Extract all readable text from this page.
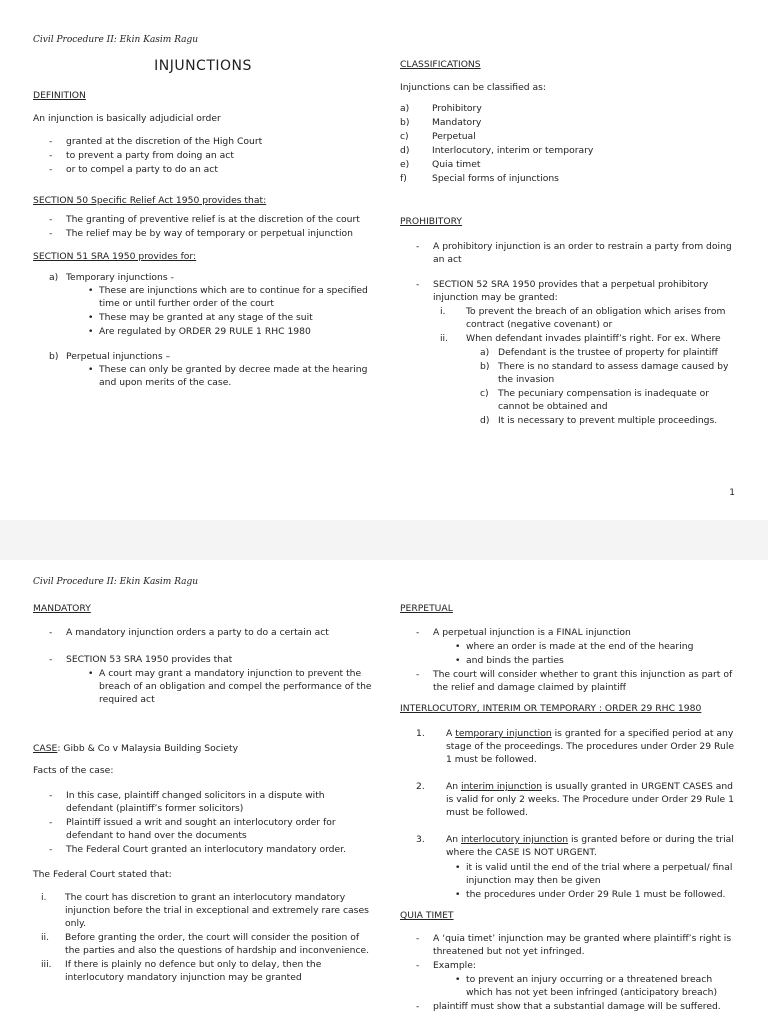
Civil Procedure II: Ekin Kasim Ragu
INJUNCTIONS
DEFINITION
An injunction is basically adjudicial order
- granted at the discretion of the High Court
- to prevent a party from doing an act
- or to compel a party to do an act
SECTION 50 Specific Relief Act 1950 provides that:
- The granting of preventive relief is at the discretion of the court
- The relief may be by way of temporary or perpetual injunction
SECTION 51 SRA 1950 provides for:
a) Temporary injunctions -
• These are injunctions which are to continue for a specified time or until further order of the court
• These may be granted at any stage of the suit
• Are regulated by ORDER 29 RULE 1 RHC 1980
b) Perpetual injunctions –
• These can only be granted by decree made at the hearing and upon merits of the case.
CLASSIFICATIONS
Injunctions can be classified as:
a) Prohibitory
b) Mandatory
c)	Perpetual
d) Interlocutory, interim or temporary
e) Quia timet
f)	Special forms of injunctions
PROHIBITORY
- A prohibitory injunction is an order to restrain a party from doing an act
- SECTION 52 SRA 1950 provides that a perpetual prohibitory injunction may be granted:
i. To prevent the breach of an obligation which arises from contract (negative covenant) or
ii. When defendant invades plaintiff’s right. For ex. Where
a) Defendant is the trustee of property for plaintiff
b) There is no standard to assess damage caused by the invasion
c) The pecuniary compensation is inadequate or cannot be obtained and
d) It is necessary to prevent multiple proceedings.
1
Civil Procedure II: Ekin Kasim Ragu
MANDATORY
- A mandatory injunction orders a party to do a certain act
- SECTION 53 SRA 1950 provides that
• A court may grant a mandatory injunction to prevent the breach of an obligation and compel the performance of the required act
CASE: Gibb & Co v Malaysia Building Society
Facts of the case:
- In this case, plaintiff changed solicitors in a dispute with defendant (plaintiff’s former solicitors)
- Plaintiff issued a writ and sought an interlocutory order for defendant to hand over the documents
- The Federal Court granted an interlocutory mandatory order.
The Federal Court stated that:
i. The court has discretion to grant an interlocutory mandatory injunction before the trial in exceptional and extremely rare cases only.
ii. Before granting the order, the court will consider the position of the parties and also the questions of hardship and inconvenience.
iii. If there is plainly no defence but only to delay, then the interlocutory mandatory injunction may be granted
PERPETUAL
- A perpetual injunction is a FINAL injunction
• where an order is made at the end of the hearing
• and binds the parties
- The court will consider whether to grant this injunction as part of the relief and damage claimed by plaintiff
INTERLOCUTORY, INTERIM OR TEMPORARY : ORDER 29 RHC 1980
1. A temporary injunction is granted for a specified period at any stage of the proceedings. The procedures under Order 29 Rule 1 must be followed.
2. An interim injunction is usually granted in URGENT CASES and is valid for only 2 weeks. The Procedure under Order 29 Rule 1 must be followed.
3. An interlocutory injunction is granted before or during the trial where the CASE IS NOT URGENT.
• it is valid until the end of the trial where a perpetual/ final injunction may then be given
• the procedures under Order 29 Rule 1 must be followed.
QUIA TIMET
- A ‘quia timet’ injunction may be granted where plaintiff’s right is threatened but not yet infringed.
- Example:
• to prevent an injury occurring or a threatened breach which has not yet been infringed (anticipatory breach)
- plaintiff must show that a substantial damage will be suffered.
